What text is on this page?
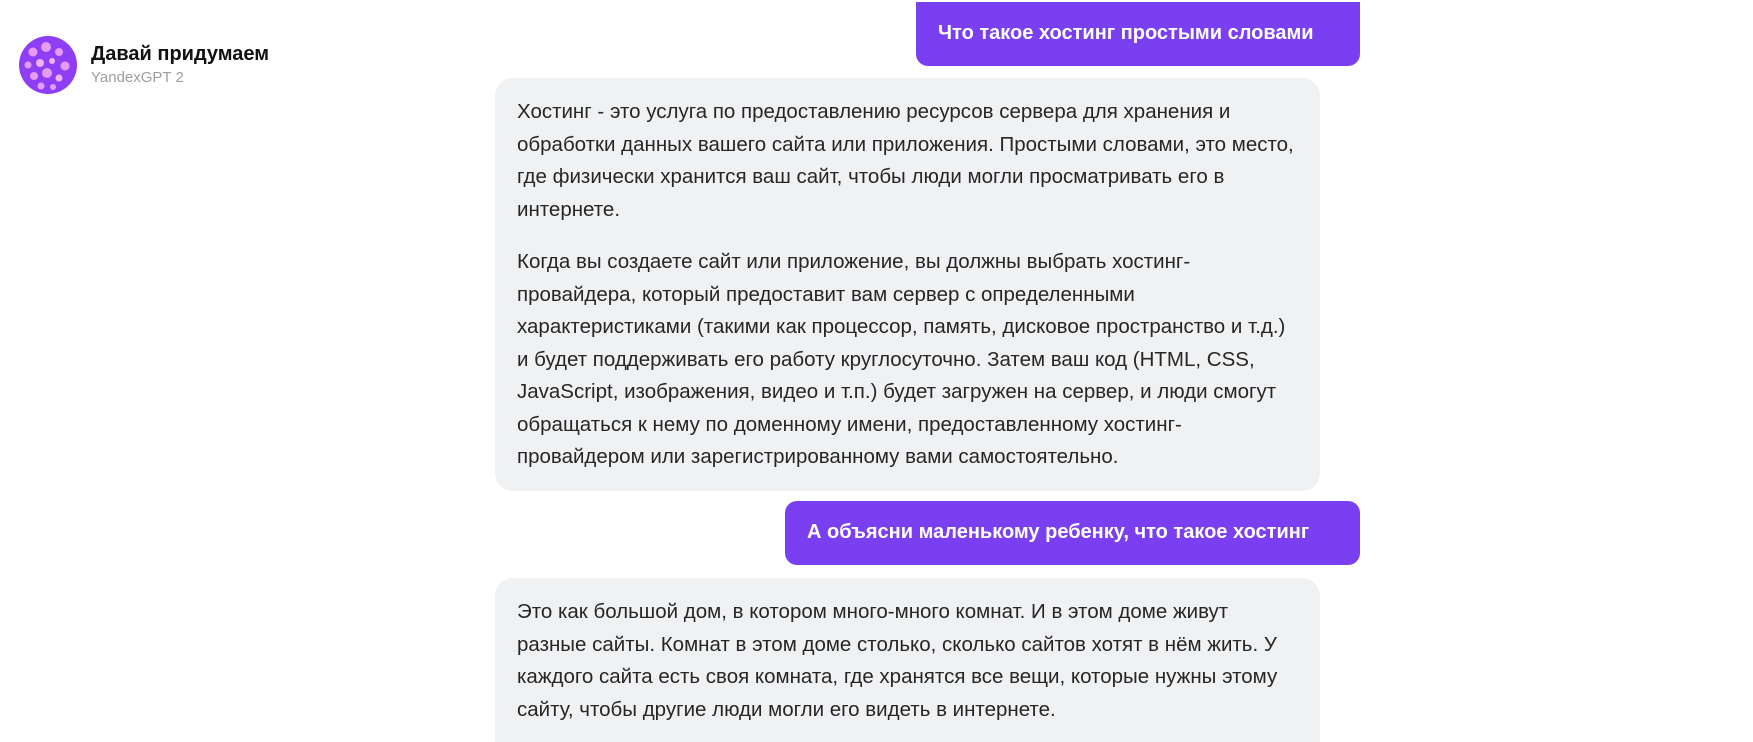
Давай придумаем
YandexGPT 2
Что такое хостинг простыми словами

Хостинг - это услуга по предоставлению ресурсов сервера для хранения и обработки данных вашего сайта или приложения. Простыми словами, это место, где физически хранится ваш сайт, чтобы люди могли просматривать его в интернете.

Когда вы создаете сайт или приложение, вы должны выбрать хостинг-провайдера, который предоставит вам сервер с определенными характеристиками (такими как процессор, память, дисковое пространство и т.д.) и будет поддерживать его работу круглосуточно. Затем ваш код (HTML, CSS, JavaScript, изображения, видео и т.п.) будет загружен на сервер, и люди смогут обращаться к нему по доменному имени, предоставленному хостинг-провайдером или зарегистрированному вами самостоятельно.

А объясни маленькому ребенку, что такое хостинг

Это как большой дом, в котором много-много комнат. И в этом доме живут разные сайты. Комнат в этом доме столько, сколько сайтов хотят в нём жить. У каждого сайта есть своя комната, где хранятся все вещи, которые нужны этому сайту, чтобы другие люди могли его видеть в интернете.
